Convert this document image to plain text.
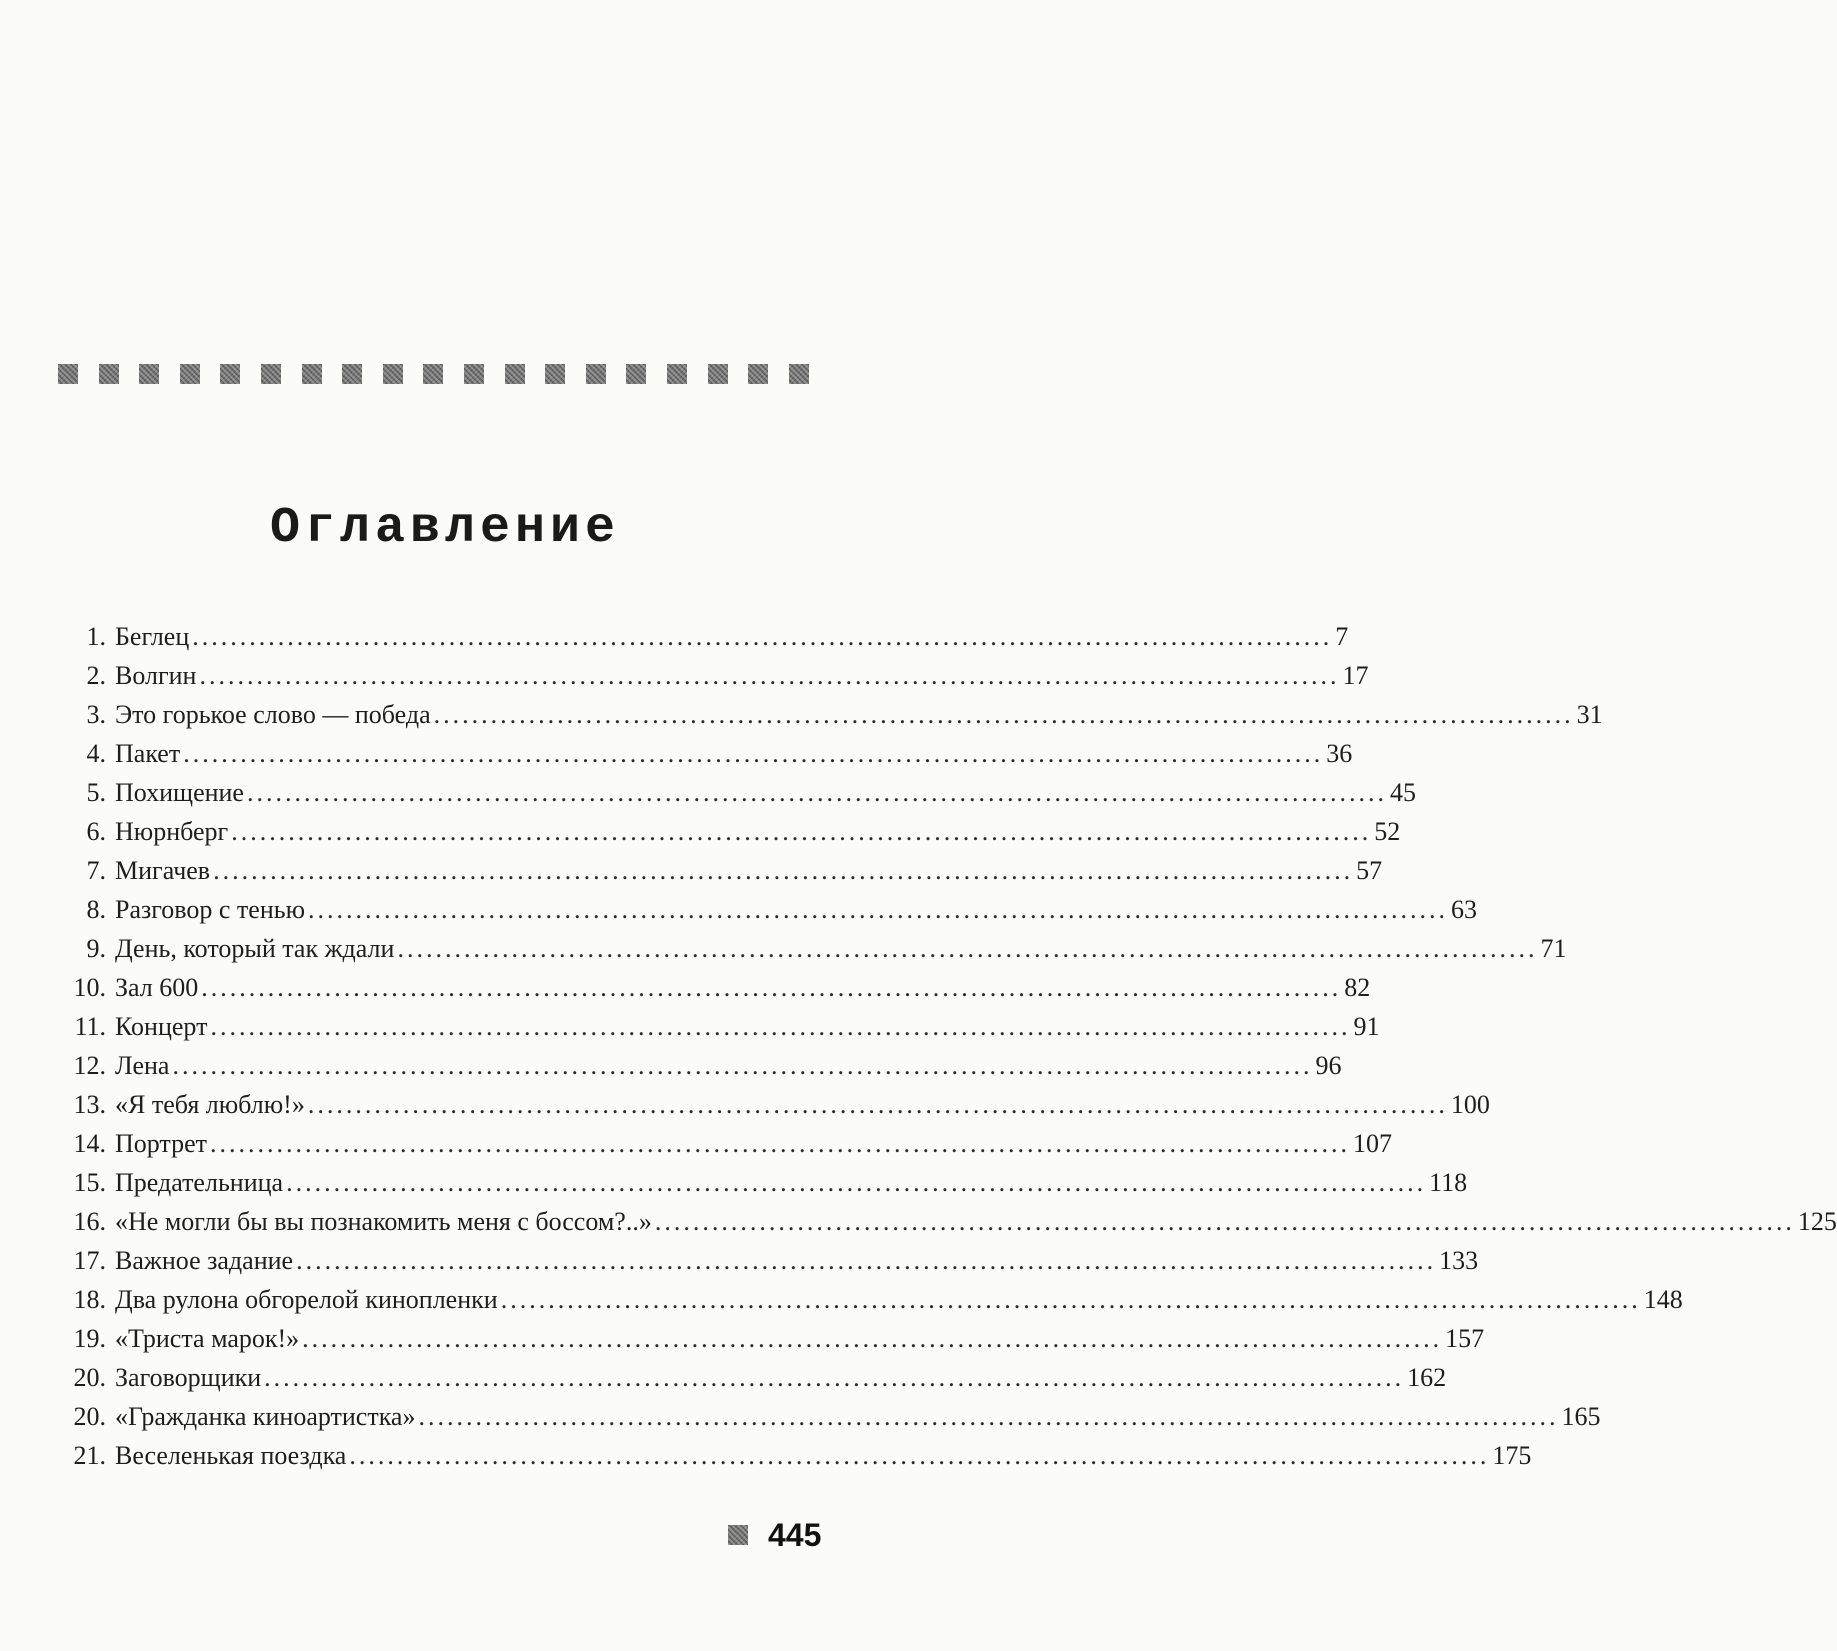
Оглавление
1. Беглец ........................................................................................................................ 7
2. Волгин ........................................................................................................................ 17
3. Это горькое слово — победа ........................................................................................................................ 31
4. Пакет ........................................................................................................................ 36
5. Похищение ........................................................................................................................ 45
6. Нюрнберг ........................................................................................................................ 52
7. Мигачев ........................................................................................................................ 57
8. Разговор с тенью ........................................................................................................................ 63
9. День, который так ждали ........................................................................................................................ 71
10. Зал 600 ........................................................................................................................ 82
11. Концерт ........................................................................................................................ 91
12. Лена ........................................................................................................................ 96
13. «Я тебя люблю!» ........................................................................................................................ 100
14. Портрет ........................................................................................................................ 107
15. Предательница ........................................................................................................................ 118
16. «Не могли бы вы познакомить меня с боссом?..» ........................................................................................................................ 125
17. Важное задание ........................................................................................................................ 133
18. Два рулона обгорелой кинопленки ........................................................................................................................ 148
19. «Триста марок!» ........................................................................................................................ 157
20. Заговорщики ........................................................................................................................ 162
20. «Гражданка киноартистка» ........................................................................................................................ 165
21. Веселенькая поездка ........................................................................................................................ 175
445
